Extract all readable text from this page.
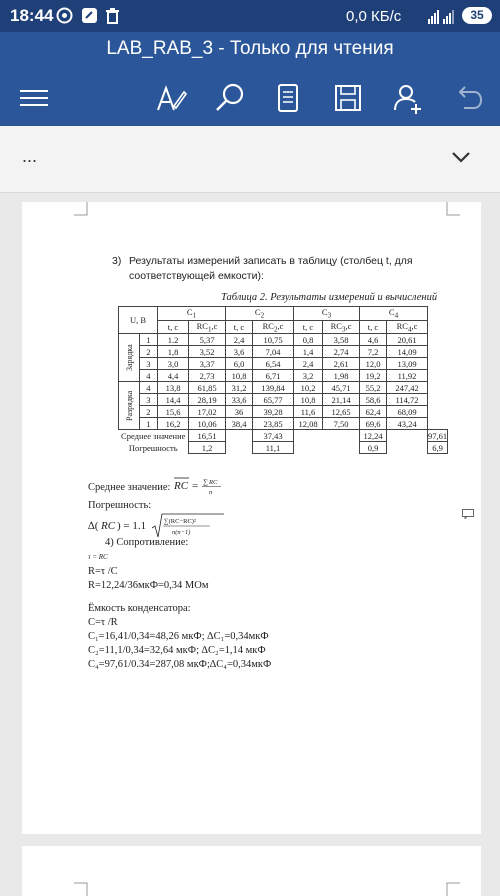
18:44	0,0 КБ/с	35
LAB_RAB_3 - Только для чтения
...
3) Результаты измерений записать в таблицу (столбец t, для соответствующей емкости):
Таблица 2. Результаты измерений и вычислений
U, B		$C_1$		$C_2$		$C_3$		$C_4$
		t, c	$RC_1,c$	t, c	$RC_2,c$	t, c	$RC_3,c$	t, c	$RC_4,c$	
Зарядка	1	1.2	5,37	2,4	10,75	0,8	3,58	4,6	20,61	
	2	1,8	3,52	3,6	7,04	1,4	2,74	7,2	14,09	
	3	3,0	3,37	6,0	6,54	2,4	2,61	12,0	13,09	
	4	4,4	2,73	10,8	6,71	3,2	1,98	19,2	11,92	
Разрядка	4	13,8	61,85	31,2	139,84	10,2	45,71	55,2	247,42	
	3	14,4	28,19	33,6	65,77	10,8	21,14	58,6	114,72	
	2	15,6	17,02	36	39,28	11,6	12,65	62,4	68,09	
	1	16,2	10,06	38,4	23,85	12,08	7,50	69,6	43,24	
Среднее значение			16,51		37,43			12,24		97,61
Погрешность			1,2		11,1			0,9		6,9
Среднее значение: RC = ∑ RC
n
Погрешность:
∆( RC ) = 1.1	∑(RC−RC)²
n(n−1)
4) Сопротивление:
τ = RC
R=τ /C
R=12,24/36мкФ=0,34 МОм
Ёмкость конденсатора:
C=τ /R
C₁=16,41/0,34=48,26 мкФ; ∆C₁=0,34мкФ
C₂=11,1/0,34=32,64 мкФ; ∆C₂=1,14 мкФ
C₄=97,61/0.34=287,08 мкФ;∆C₄=0,34мкФ
